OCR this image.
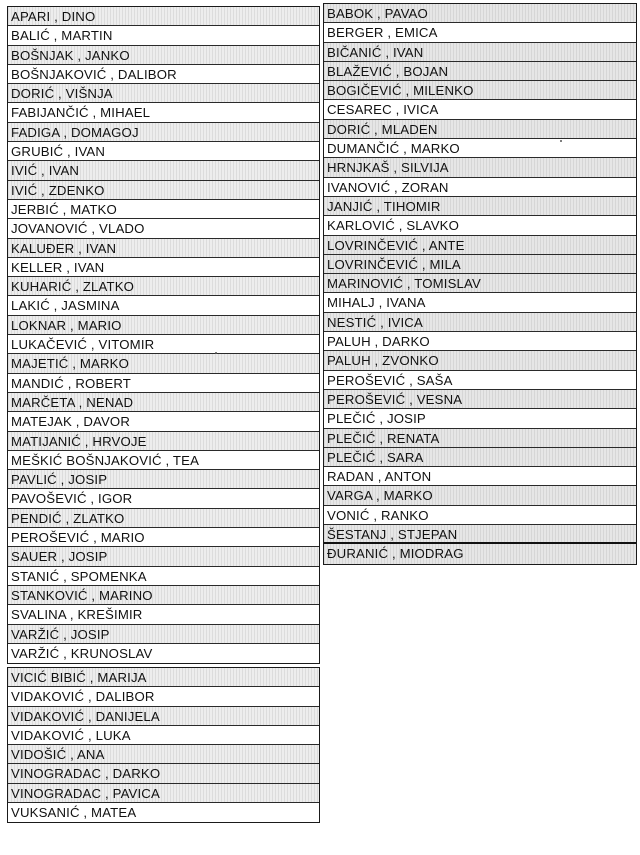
APARI , DINO
BALIĆ , MARTIN
BOŠNJAK , JANKO
BOŠNJAKOVIĆ , DALIBOR
DORIĆ , VIŠNJA
FABIJANČIĆ , MIHAEL
FADIGA , DOMAGOJ
GRUBIĆ , IVAN
IVIĆ , IVAN
IVIĆ , ZDENKO
JERBIĆ , MATKO
JOVANOVIĆ , VLADO
KALUĐER , IVAN
KELLER , IVAN
KUHARIĆ , ZLATKO
LAKIĆ , JASMINA
LOKNAR , MARIO
LUKAČEVIĆ , VITOMIR
MAJETIĆ , MARKO
MANDIĆ , ROBERT
MARČETA , NENAD
MATEJAK , DAVOR
MATIJANIĆ , HRVOJE
MEŠKIĆ BOŠNJAKOVIĆ , TEA
PAVLIĆ , JOSIP
PAVOŠEVIĆ , IGOR
PENDIĆ , ZLATKO
PEROŠEVIĆ , MARIO
SAUER , JOSIP
STANIĆ , SPOMENKA
STANKOVIĆ , MARINO
SVALINA , KREŠIMIR
VARŽIĆ , JOSIP
VARŽIĆ , KRUNOSLAV
VICIĆ BIBIĆ , MARIJA
VIDAKOVIĆ , DALIBOR
VIDAKOVIĆ , DANIJELA
VIDAKOVIĆ , LUKA
VIDOŠIĆ , ANA
VINOGRADAC , DARKO
VINOGRADAC , PAVICA
VUKSANIĆ , MATEA
BABOK , PAVAO
BERGER , EMICA
BIČANIĆ , IVAN
BLAŽEVIĆ , BOJAN
BOGIČEVIĆ , MILENKO
CESAREC , IVICA
DORIĆ , MLADEN
DUMANČIĆ , MARKO
HRNJKAŠ , SILVIJA
IVANOVIĆ , ZORAN
JANJIĆ , TIHOMIR
KARLOVIĆ , SLAVKO
LOVRINČEVIĆ , ANTE
LOVRINČEVIĆ , MILA
MARINOVIĆ , TOMISLAV
MIHALJ , IVANA
NESTIĆ , IVICA
PALUH , DARKO
PALUH , ZVONKO
PEROŠEVIĆ , SAŠA
PEROŠEVIĆ , VESNA
PLEČIĆ , JOSIP
PLEČIĆ , RENATA
PLEČIĆ , SARA
RADAN , ANTON
VARGA , MARKO
VONIĆ , RANKO
ŠESTANJ , STJEPAN
ĐURANIĆ , MIODRAG
